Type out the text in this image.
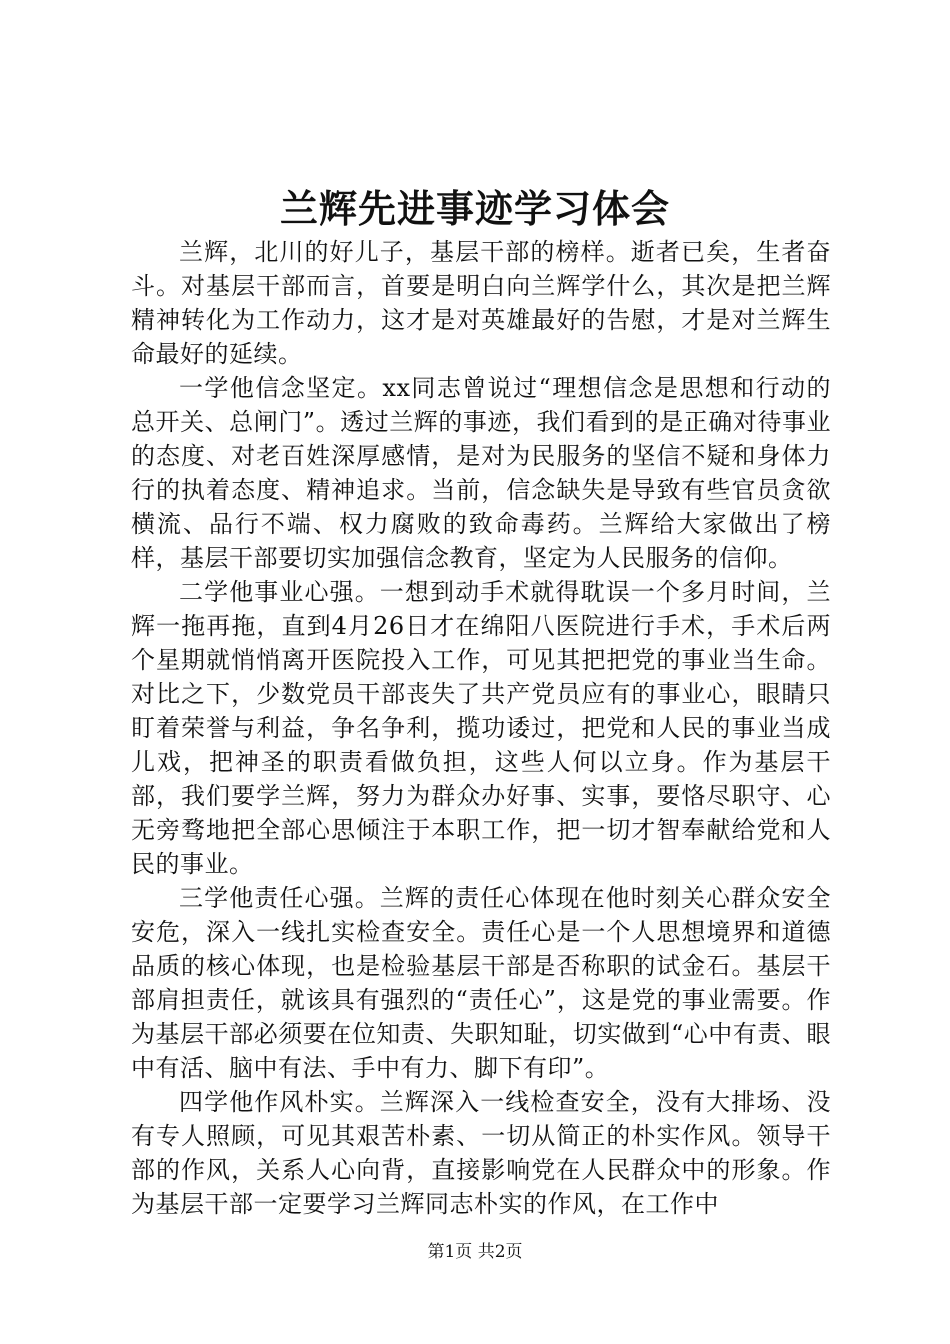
兰辉先进事迹学习体会

兰辉，北川的好儿子，基层干部的榜样。逝者已矣，生者奋斗。对基层干部而言，首要是明白向兰辉学什么，其次是把兰辉精神转化为工作动力，这才是对英雄最好的告慰，才是对兰辉生命最好的延续。

一学他信念坚定。xx同志曾说过“理想信念是思想和行动的总开关、总闸门”。透过兰辉的事迹，我们看到的是正确对待事业的态度、对老百姓深厚感情，是对为民服务的坚信不疑和身体力行的执着态度、精神追求。当前，信念缺失是导致有些官员贪欲横流、品行不端、权力腐败的致命毒药。兰辉给大家做出了榜样，基层干部要切实加强信念教育，坚定为人民服务的信仰。

二学他事业心强。一想到动手术就得耽误一个多月时间，兰辉一拖再拖，直到4月26日才在绵阳八医院进行手术，手术后两个星期就悄悄离开医院投入工作，可见其把把党的事业当生命。对比之下，少数党员干部丧失了共产党员应有的事业心，眼睛只盯着荣誉与利益，争名争利，揽功诿过，把党和人民的事业当成儿戏，把神圣的职责看做负担，这些人何以立身。作为基层干部，我们要学兰辉，努力为群众办好事、实事，要恪尽职守、心无旁骛地把全部心思倾注于本职工作，把一切才智奉献给党和人民的事业。

三学他责任心强。兰辉的责任心体现在他时刻关心群众安全安危，深入一线扎实检查安全。责任心是一个人思想境界和道德品质的核心体现，也是检验基层干部是否称职的试金石。基层干部肩担责任，就该具有强烈的“责任心”，这是党的事业需要。作为基层干部必须要在位知责、失职知耻，切实做到“心中有责、眼中有活、脑中有法、手中有力、脚下有印”。

四学他作风朴实。兰辉深入一线检查安全，没有大排场、没有专人照顾，可见其艰苦朴素、一切从简正的朴实作风。领导干部的作风，关系人心向背，直接影响党在人民群众中的形象。作为基层干部一定要学习兰辉同志朴实的作风，在工作中

第1页 共2页
